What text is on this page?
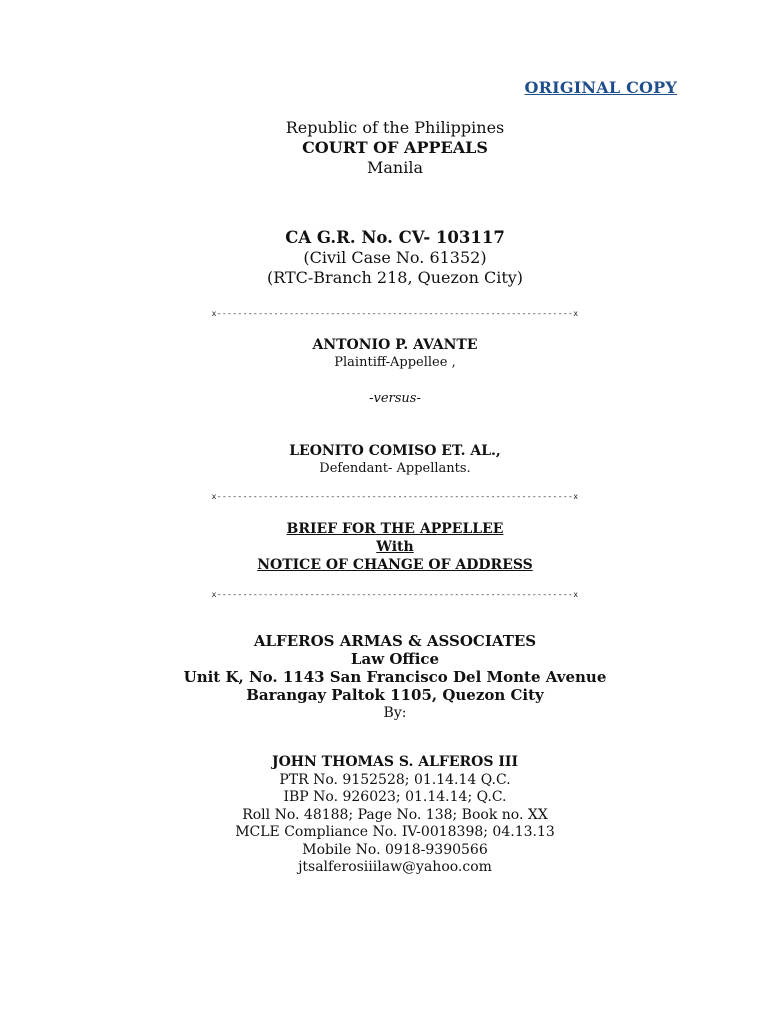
ORIGINAL COPY
Republic of the Philippines
COURT OF APPEALS
Manila
CA G.R. No. CV- 103117
(Civil Case No. 61352)
(RTC-Branch 218, Quezon City)
x---------------------------------------------------------------------x
ANTONIO P. AVANTE
Plaintiff-Appellee ,

-versus-
LEONITO COMISO ET. AL.,
Defendant- Appellants.
x---------------------------------------------------------------------x
BRIEF FOR THE APPELLEE
With
NOTICE OF CHANGE OF ADDRESS
x---------------------------------------------------------------------x
ALFEROS ARMAS & ASSOCIATES
Law Office
Unit K, No. 1143 San Francisco Del Monte Avenue
Barangay Paltok 1105, Quezon City
By:
JOHN THOMAS S. ALFEROS III
PTR No. 9152528; 01.14.14 Q.C.
IBP No. 926023; 01.14.14; Q.C.
Roll No. 48188; Page No. 138; Book no. XX
MCLE Compliance No. IV-0018398; 04.13.13
Mobile No. 0918-9390566
jtsalferosiiilaw@yahoo.com
